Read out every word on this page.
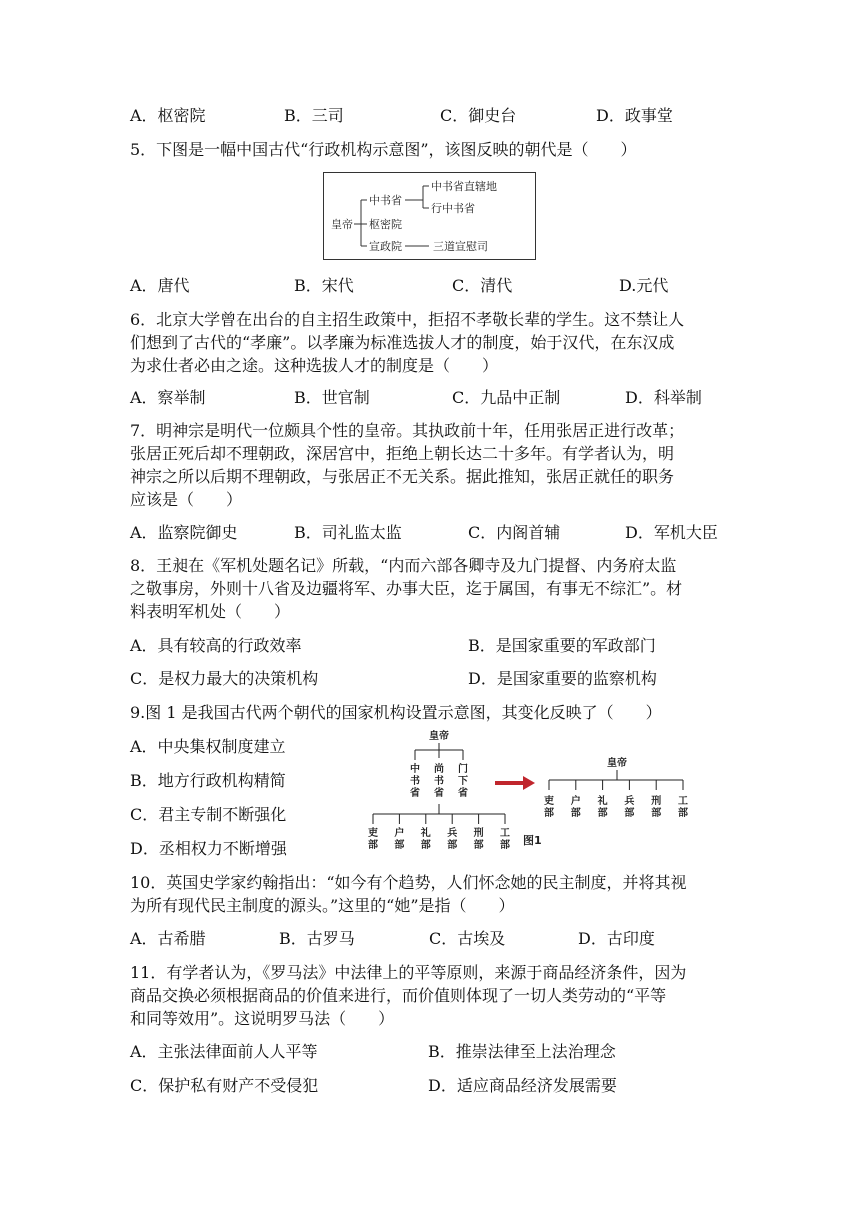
A．枢密院	B．三司	C．御史台	D．政事堂
5．下图是一幅中国古代“行政机构示意图”，该图反映的朝代是（　　）
皇帝
中书省
枢密院
宣政院
中书省直辖地
行中书省
三道宣慰司
A．唐代	B．宋代	C．清代	D.元代
6．北京大学曾在出台的自主招生政策中，拒招不孝敬长辈的学生。这不禁让人
们想到了古代的“孝廉”。以孝廉为标准选拔人才的制度，始于汉代，在东汉成
为求仕者必由之途。这种选拔人才的制度是（　　）
A．察举制	B．世官制	C．九品中正制	D．科举制
7．明神宗是明代一位颇具个性的皇帝。其执政前十年，任用张居正进行改革；
张居正死后却不理朝政，深居宫中，拒绝上朝长达二十多年。有学者认为，明
神宗之所以后期不理朝政，与张居正不无关系。据此推知，张居正就任的职务
应该是（　　）
A．监察院御史	B．司礼监太监	C．内阁首辅	D．军机大臣
8．王昶在《军机处题名记》所载，“内而六部各卿寺及九门提督、内务府太监
之敬事房，外则十八省及边疆将军、办事大臣，迄于属国，有事无不综汇”。材
料表明军机处（　　）
A．具有较高的行政效率	B．是国家重要的军政部门
C．是权力最大的决策机构	D．是国家重要的监察机构
9.图 1 是我国古代两个朝代的国家机构设置示意图，其变化反映了（　　）
A．中央集权制度建立
B．地方行政机构精简
C．君主专制不断强化
D．丞相权力不断增强
皇帝
中书省
尚书省
门下省
吏部
户部
礼部
兵部
刑部
工部
皇帝
吏部
户部
礼部
兵部
刑部
工部
图1
10．英国史学家约翰指出：“如今有个趋势，人们怀念她的民主制度，并将其视
为所有现代民主制度的源头。”这里的“她”是指（　　）
A．古希腊	B．古罗马	C．古埃及	D．古印度
11．有学者认为，《罗马法》中法律上的平等原则，来源于商品经济条件，因为
商品交换必须根据商品的价值来进行，而价值则体现了一切人类劳动的“平等
和同等效用”。这说明罗马法（　　）
A．主张法律面前人人平等	B．推崇法律至上法治理念
C．保护私有财产不受侵犯	D．适应商品经济发展需要
